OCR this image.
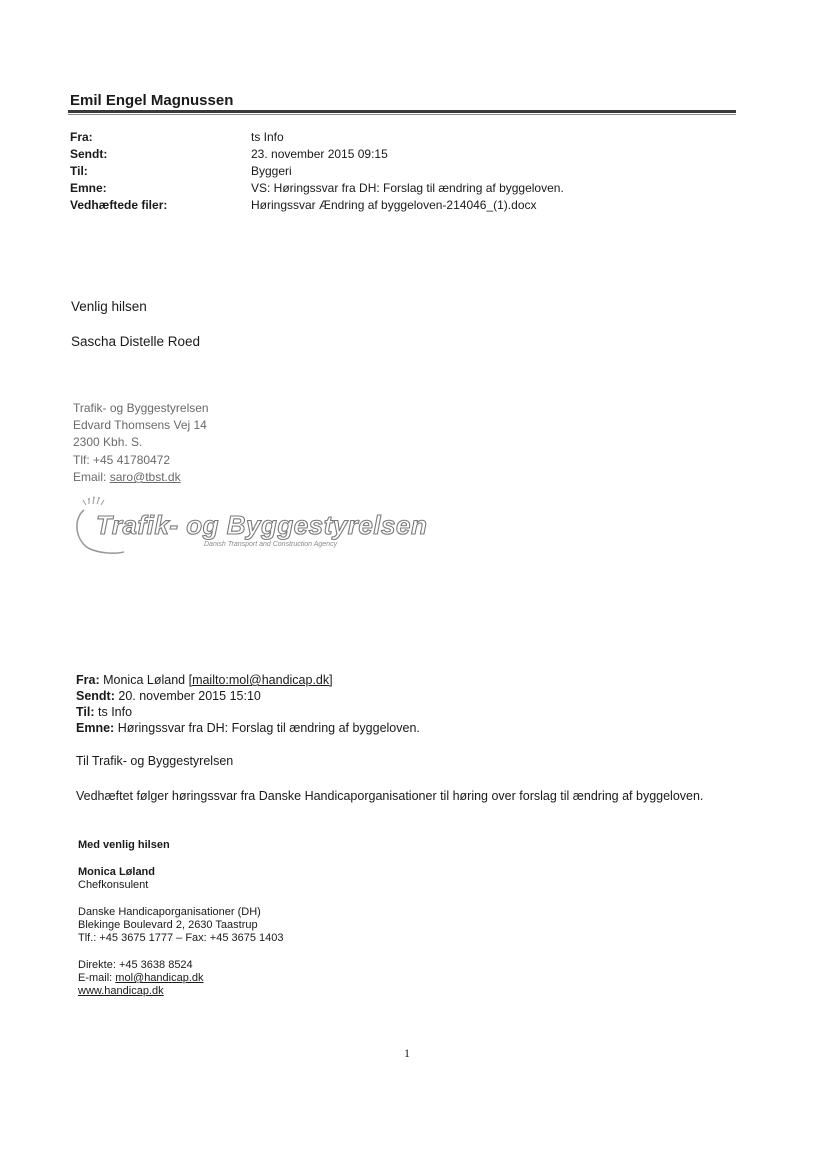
Emil Engel Magnussen
Fra:	ts Info
Sendt:	23. november 2015 09:15
Til:	Byggeri
Emne:	VS: Høringssvar fra DH: Forslag til ændring af byggeloven.
Vedhæftede filer:	Høringssvar Ændring af byggeloven-214046_(1).docx
Venlig hilsen
Sascha Distelle Roed
Trafik- og Byggestyrelsen
Edvard Thomsens Vej 14
2300 Kbh. S.
Tlf: +45 41780472
Email: saro@tbst.dk
Trafik- og Byggestyrelsen
Danish Transport and Construction Agency
Fra: Monica Løland [mailto:mol@handicap.dk]
Sendt: 20. november 2015 15:10
Til: ts Info
Emne: Høringssvar fra DH: Forslag til ændring af byggeloven.
Til Trafik- og Byggestyrelsen
Vedhæftet følger høringssvar fra Danske Handicaporganisationer til høring over forslag til ændring af byggeloven.
Med venlig hilsen
Monica Løland
Chefkonsulent
Danske Handicaporganisationer (DH)
Blekinge Boulevard 2, 2630 Taastrup
Tlf.: +45 3675 1777 – Fax: +45 3675 1403
Direkte: +45 3638 8524
E-mail: mol@handicap.dk
www.handicap.dk
1
